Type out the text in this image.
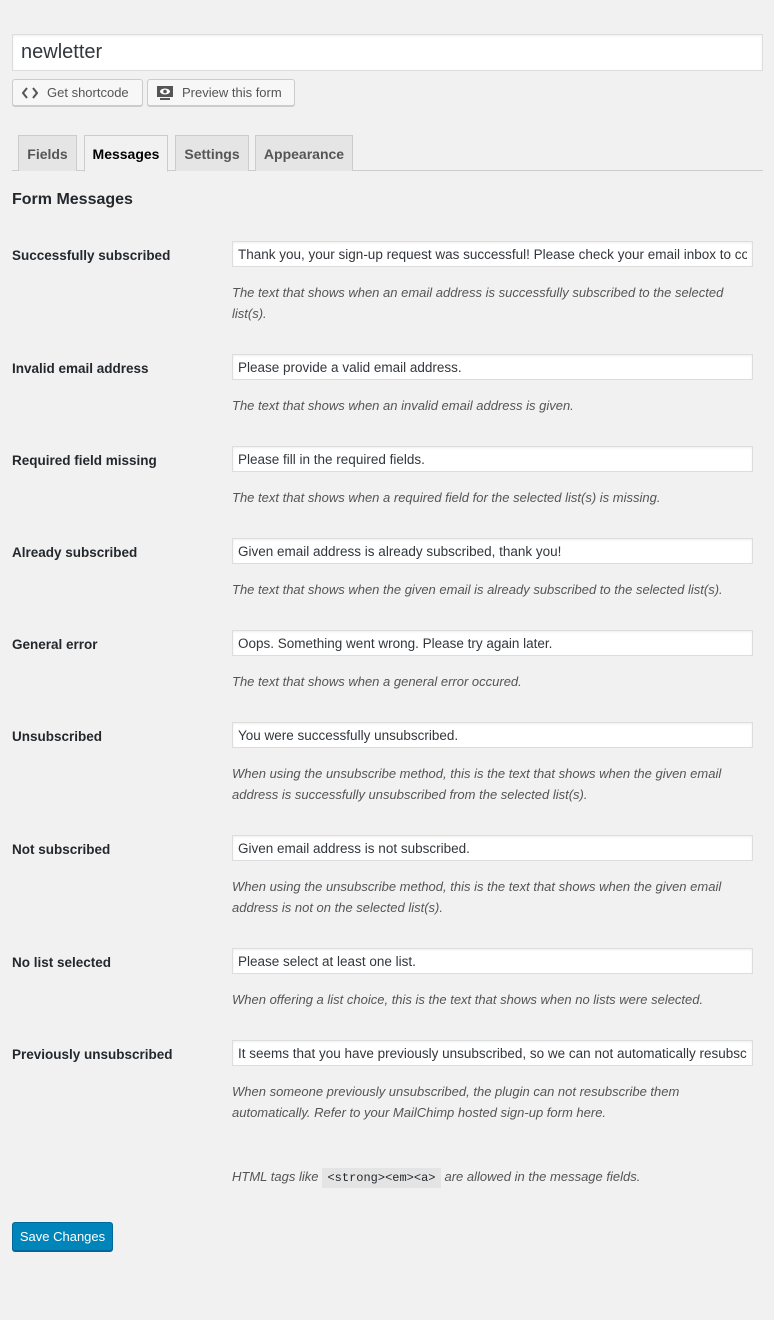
newletter
Get shortcode	Preview this form
Fields	Messages	Settings	Appearance
Form Messages
Successfully subscribed
Thank you, your sign-up request was successful! Please check your email inbox to confirm.
The text that shows when an email address is successfully subscribed to the selected
list(s).
Invalid email address
Please provide a valid email address.
The text that shows when an invalid email address is given.
Required field missing
Please fill in the required fields.
The text that shows when a required field for the selected list(s) is missing.
Already subscribed
Given email address is already subscribed, thank you!
The text that shows when the given email is already subscribed to the selected list(s).
General error
Oops. Something went wrong. Please try again later.
The text that shows when a general error occured.
Unsubscribed
You were successfully unsubscribed.
When using the unsubscribe method, this is the text that shows when the given email
address is successfully unsubscribed from the selected list(s).
Not subscribed
Given email address is not subscribed.
When using the unsubscribe method, this is the text that shows when the given email
address is not on the selected list(s).
No list selected
Please select at least one list.
When offering a list choice, this is the text that shows when no lists were selected.
Previously unsubscribed
It seems that you have previously unsubscribed, so we can not automatically resubscribe you.
When someone previously unsubscribed, the plugin can not resubscribe them
automatically. Refer to your MailChimp hosted sign-up form here.
HTML tags like <strong><em><a> are allowed in the message fields.
Save Changes
